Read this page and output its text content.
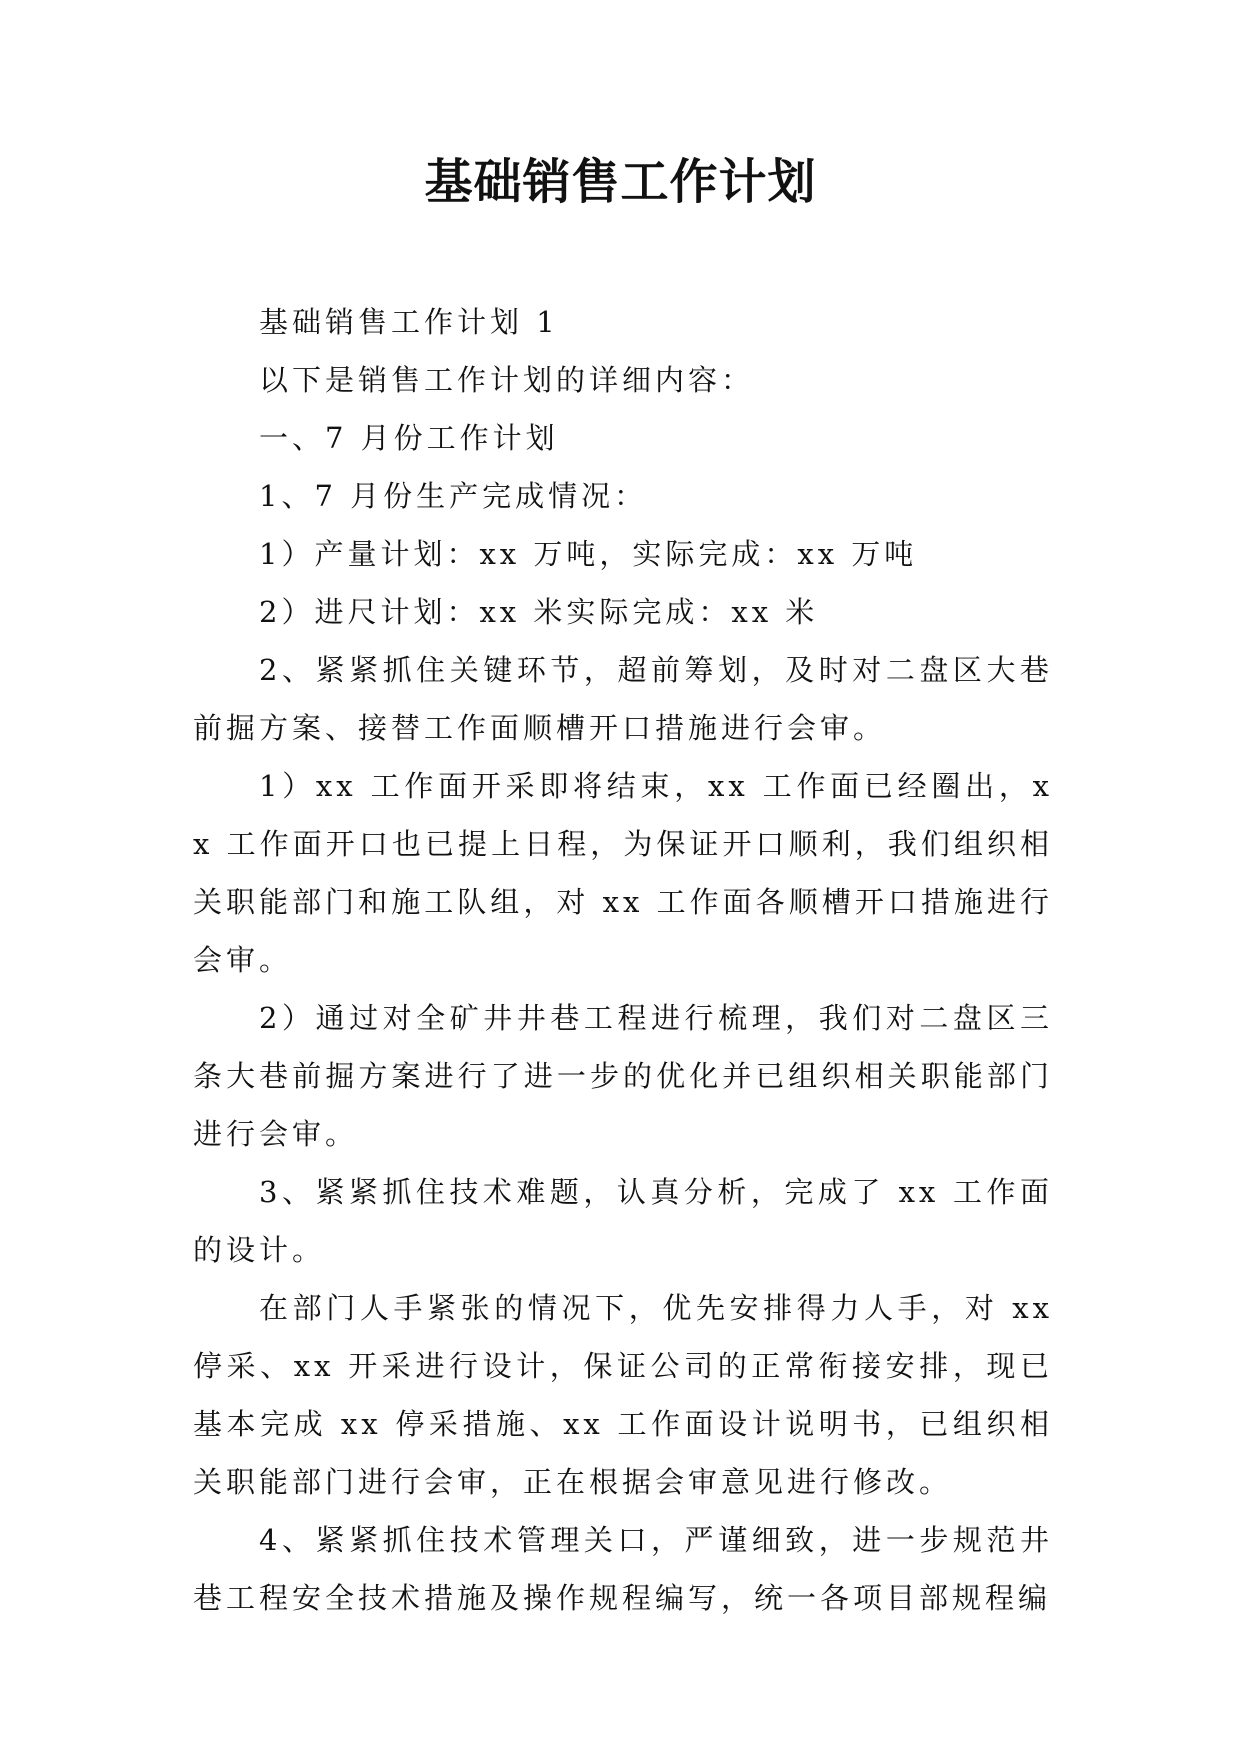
基础销售工作计划

基础销售工作计划 1

以下是销售工作计划的详细内容：

一、7 月份工作计划

1、7 月份生产完成情况：

1）产量计划：xx 万吨，实际完成：xx 万吨

2）进尺计划：xx 米实际完成：xx 米

2、紧紧抓住关键环节，超前筹划，及时对二盘区大巷前掘方案、接替工作面顺槽开口措施进行会审。

1）xx 工作面开采即将结束，xx 工作面已经圈出，xx 工作面开口也已提上日程，为保证开口顺利，我们组织相关职能部门和施工队组，对 xx 工作面各顺槽开口措施进行会审。

2）通过对全矿井井巷工程进行梳理，我们对二盘区三条大巷前掘方案进行了进一步的优化并已组织相关职能部门进行会审。

3、紧紧抓住技术难题，认真分析，完成了 xx 工作面的设计。

在部门人手紧张的情况下，优先安排得力人手，对 xx 停采、xx 开采进行设计，保证公司的正常衔接安排，现已基本完成 xx 停采措施、xx 工作面设计说明书，已组织相关职能部门进行会审，正在根据会审意见进行修改。

4、紧紧抓住技术管理关口，严谨细致，进一步规范井巷工程安全技术措施及操作规程编写，统一各项目部规程编
